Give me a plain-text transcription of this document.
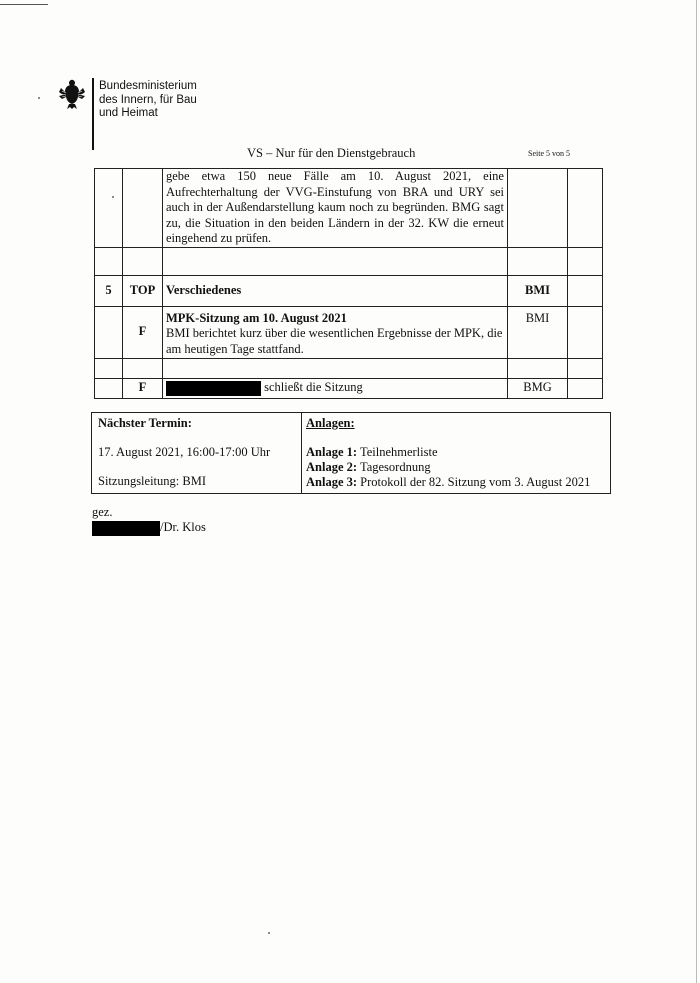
Bundesministerium
des Innern, für Bau
und Heimat
VS – Nur für den Dienstgebrauch	Seite 5 von 5
		gebe etwa 150 neue Fälle am 10. August 2021, eine Aufrechterhaltung der VVG-Einstufung von BRA und URY sei auch in der Außendarstellung kaum noch zu begründen. BMG sagt zu, die Situation in den beiden Ländern in der 32. KW die erneut eingehend zu prüfen.		

5	TOP	Verschiedenes	BMI	
	F	MPK-Sitzung am 10. August 2021
BMI berichtet kurz über die wesentlichen Ergebnisse der MPK, die am heutigen Tage stattfand.	BMI	

	F	schließt die Sitzung	BMG	
Nächster Termin:
17. August 2021, 16:00-17:00 Uhr
Sitzungsleitung: BMI
Anlagen:
Anlage 1: Teilnehmerliste
Anlage 2: Tagesordnung
Anlage 3: Protokoll der 82. Sitzung vom 3. August 2021
gez.
/Dr. Klos
